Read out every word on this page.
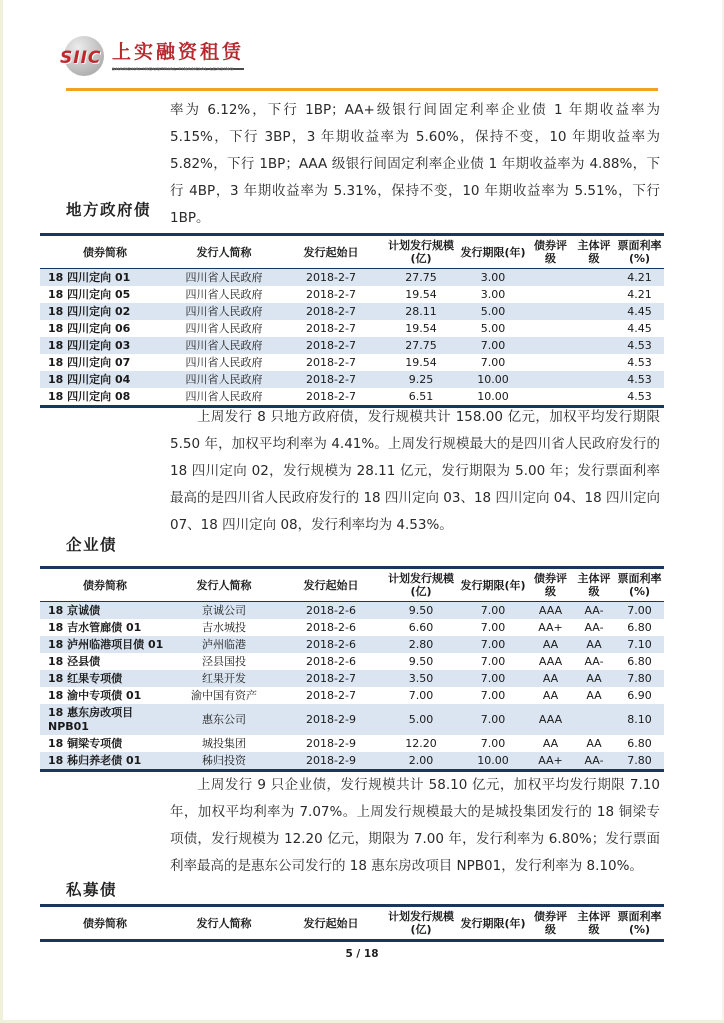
SIIC 上实融资租赁
SHANGHAI INDUSTRIAL FINANCIAL LEASING
率为 6.12%，下行 1BP；AA+级银行间固定利率企业债 1 年期收益率为 5.15%，下行 3BP，3 年期收益率为 5.60%，保持不变，10 年期收益率为 5.82%，下行 1BP；AAA 级银行间固定利率企业债 1 年期收益率为 4.88%，下行 4BP，3 年期收益率为 5.31%，保持不变，10 年期收益率为 5.51%，下行 1BP。
地方政府债
债券简称	发行人简称	发行起始日	计划发行规模(亿)	发行期限(年)	债券评级	主体评级	票面利率(%)
18 四川定向 01	四川省人民政府	2018-2-7	27.75	3.00			4.21
18 四川定向 05	四川省人民政府	2018-2-7	19.54	3.00			4.21
18 四川定向 02	四川省人民政府	2018-2-7	28.11	5.00			4.45
18 四川定向 06	四川省人民政府	2018-2-7	19.54	5.00			4.45
18 四川定向 03	四川省人民政府	2018-2-7	27.75	7.00			4.53
18 四川定向 07	四川省人民政府	2018-2-7	19.54	7.00			4.53
18 四川定向 04	四川省人民政府	2018-2-7	9.25	10.00			4.53
18 四川定向 08	四川省人民政府	2018-2-7	6.51	10.00			4.53
上周发行 8 只地方政府债，发行规模共计 158.00 亿元，加权平均发行期限 5.50 年，加权平均利率为 4.41%。上周发行规模最大的是四川省人民政府发行的 18 四川定向 02，发行规模为 28.11 亿元，发行期限为 5.00 年；发行票面利率最高的是四川省人民政府发行的 18 四川定向 03、18 四川定向 04、18 四川定向 07、18 四川定向 08，发行利率均为 4.53%。
企业债
债券简称	发行人简称	发行起始日	计划发行规模(亿)	发行期限(年)	债券评级	主体评级	票面利率(%)
18 京诚债	京诚公司	2018-2-6	9.50	7.00	AAA	AA-	7.00
18 吉水管廊债 01	吉水城投	2018-2-6	6.60	7.00	AA+	AA-	6.80
18 泸州临港项目债 01	泸州临港	2018-2-6	2.80	7.00	AA	AA	7.10
18 泾县债	泾县国投	2018-2-6	9.50	7.00	AAA	AA-	6.80
18 红果专项债	红果开发	2018-2-7	3.50	7.00	AA	AA	7.80
18 渝中专项债 01	渝中国有资产	2018-2-7	7.00	7.00	AA	AA	6.90
18 惠东房改项目 NPB01	惠东公司	2018-2-9	5.00	7.00	AAA		8.10
18 铜梁专项债	城投集团	2018-2-9	12.20	7.00	AA	AA	6.80
18 秭归养老债 01	秭归投资	2018-2-9	2.00	10.00	AA+	AA-	7.80
上周发行 9 只企业债，发行规模共计 58.10 亿元，加权平均发行期限 7.10 年，加权平均利率为 7.07%。上周发行规模最大的是城投集团发行的 18 铜梁专项债，发行规模为 12.20 亿元，期限为 7.00 年，发行利率为 6.80%；发行票面利率最高的是惠东公司发行的 18 惠东房改项目 NPB01，发行利率为 8.10%。
私募债
债券简称	发行人简称	发行起始日	计划发行规模(亿)	发行期限(年)	债券评级	主体评级	票面利率(%)
5 / 18
